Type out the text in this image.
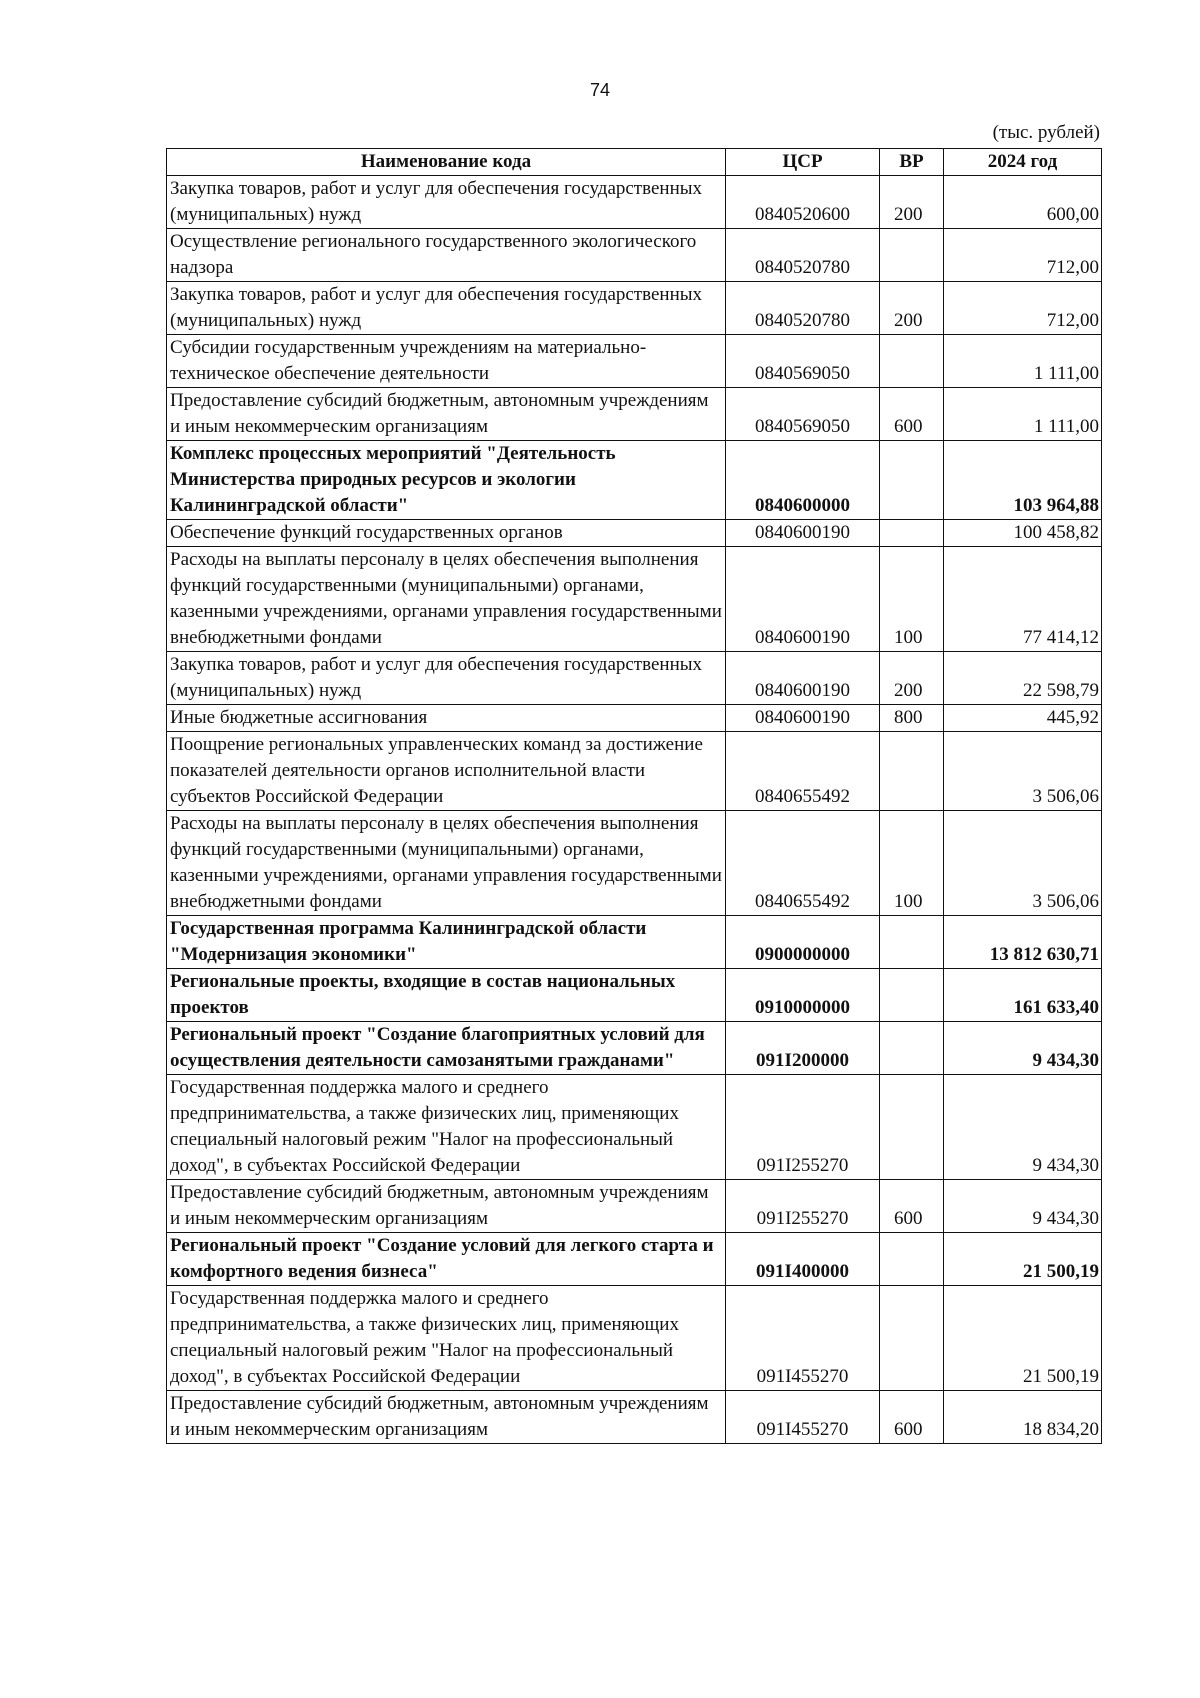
74
(тыс. рублей)
Наименование кода	ЦСР	ВР	2024 год
Закупка товаров, работ и услуг для обеспечения государственных (муниципальных) нужд	0840520600	200	600,00
Осуществление регионального государственного экологического надзора	0840520780		712,00
Закупка товаров, работ и услуг для обеспечения государственных (муниципальных) нужд	0840520780	200	712,00
Субсидии государственным учреждениям на материально-техническое обеспечение деятельности	0840569050		1 111,00
Предоставление субсидий бюджетным, автономным учреждениям и иным некоммерческим организациям	0840569050	600	1 111,00
Комплекс процессных мероприятий "Деятельность Министерства природных ресурсов и экологии Калининградской области"	0840600000		103 964,88
Обеспечение функций государственных органов	0840600190		100 458,82
Расходы на выплаты персоналу в целях обеспечения выполнения функций государственными (муниципальными) органами, казенными учреждениями, органами управления государственными внебюджетными фондами	0840600190	100	77 414,12
Закупка товаров, работ и услуг для обеспечения государственных (муниципальных) нужд	0840600190	200	22 598,79
Иные бюджетные ассигнования	0840600190	800	445,92
Поощрение региональных управленческих команд за достижение показателей деятельности органов исполнительной власти субъектов Российской Федерации	0840655492		3 506,06
Расходы на выплаты персоналу в целях обеспечения выполнения функций государственными (муниципальными) органами, казенными учреждениями, органами управления государственными внебюджетными фондами	0840655492	100	3 506,06
Государственная программа Калининградской области "Модернизация экономики"	0900000000		13 812 630,71
Региональные проекты, входящие в состав национальных проектов	0910000000		161 633,40
Региональный проект "Создание благоприятных условий для осуществления деятельности самозанятыми гражданами"	091I200000		9 434,30
Государственная поддержка малого и среднего предпринимательства, а также физических лиц, применяющих специальный налоговый режим "Налог на профессиональный доход", в субъектах Российской Федерации	091I255270		9 434,30
Предоставление субсидий бюджетным, автономным учреждениям и иным некоммерческим организациям	091I255270	600	9 434,30
Региональный проект "Создание условий для легкого старта и комфортного ведения бизнеса"	091I400000		21 500,19
Государственная поддержка малого и среднего предпринимательства, а также физических лиц, применяющих специальный налоговый режим "Налог на профессиональный доход", в субъектах Российской Федерации	091I455270		21 500,19
Предоставление субсидий бюджетным, автономным учреждениям и иным некоммерческим организациям	091I455270	600	18 834,20
